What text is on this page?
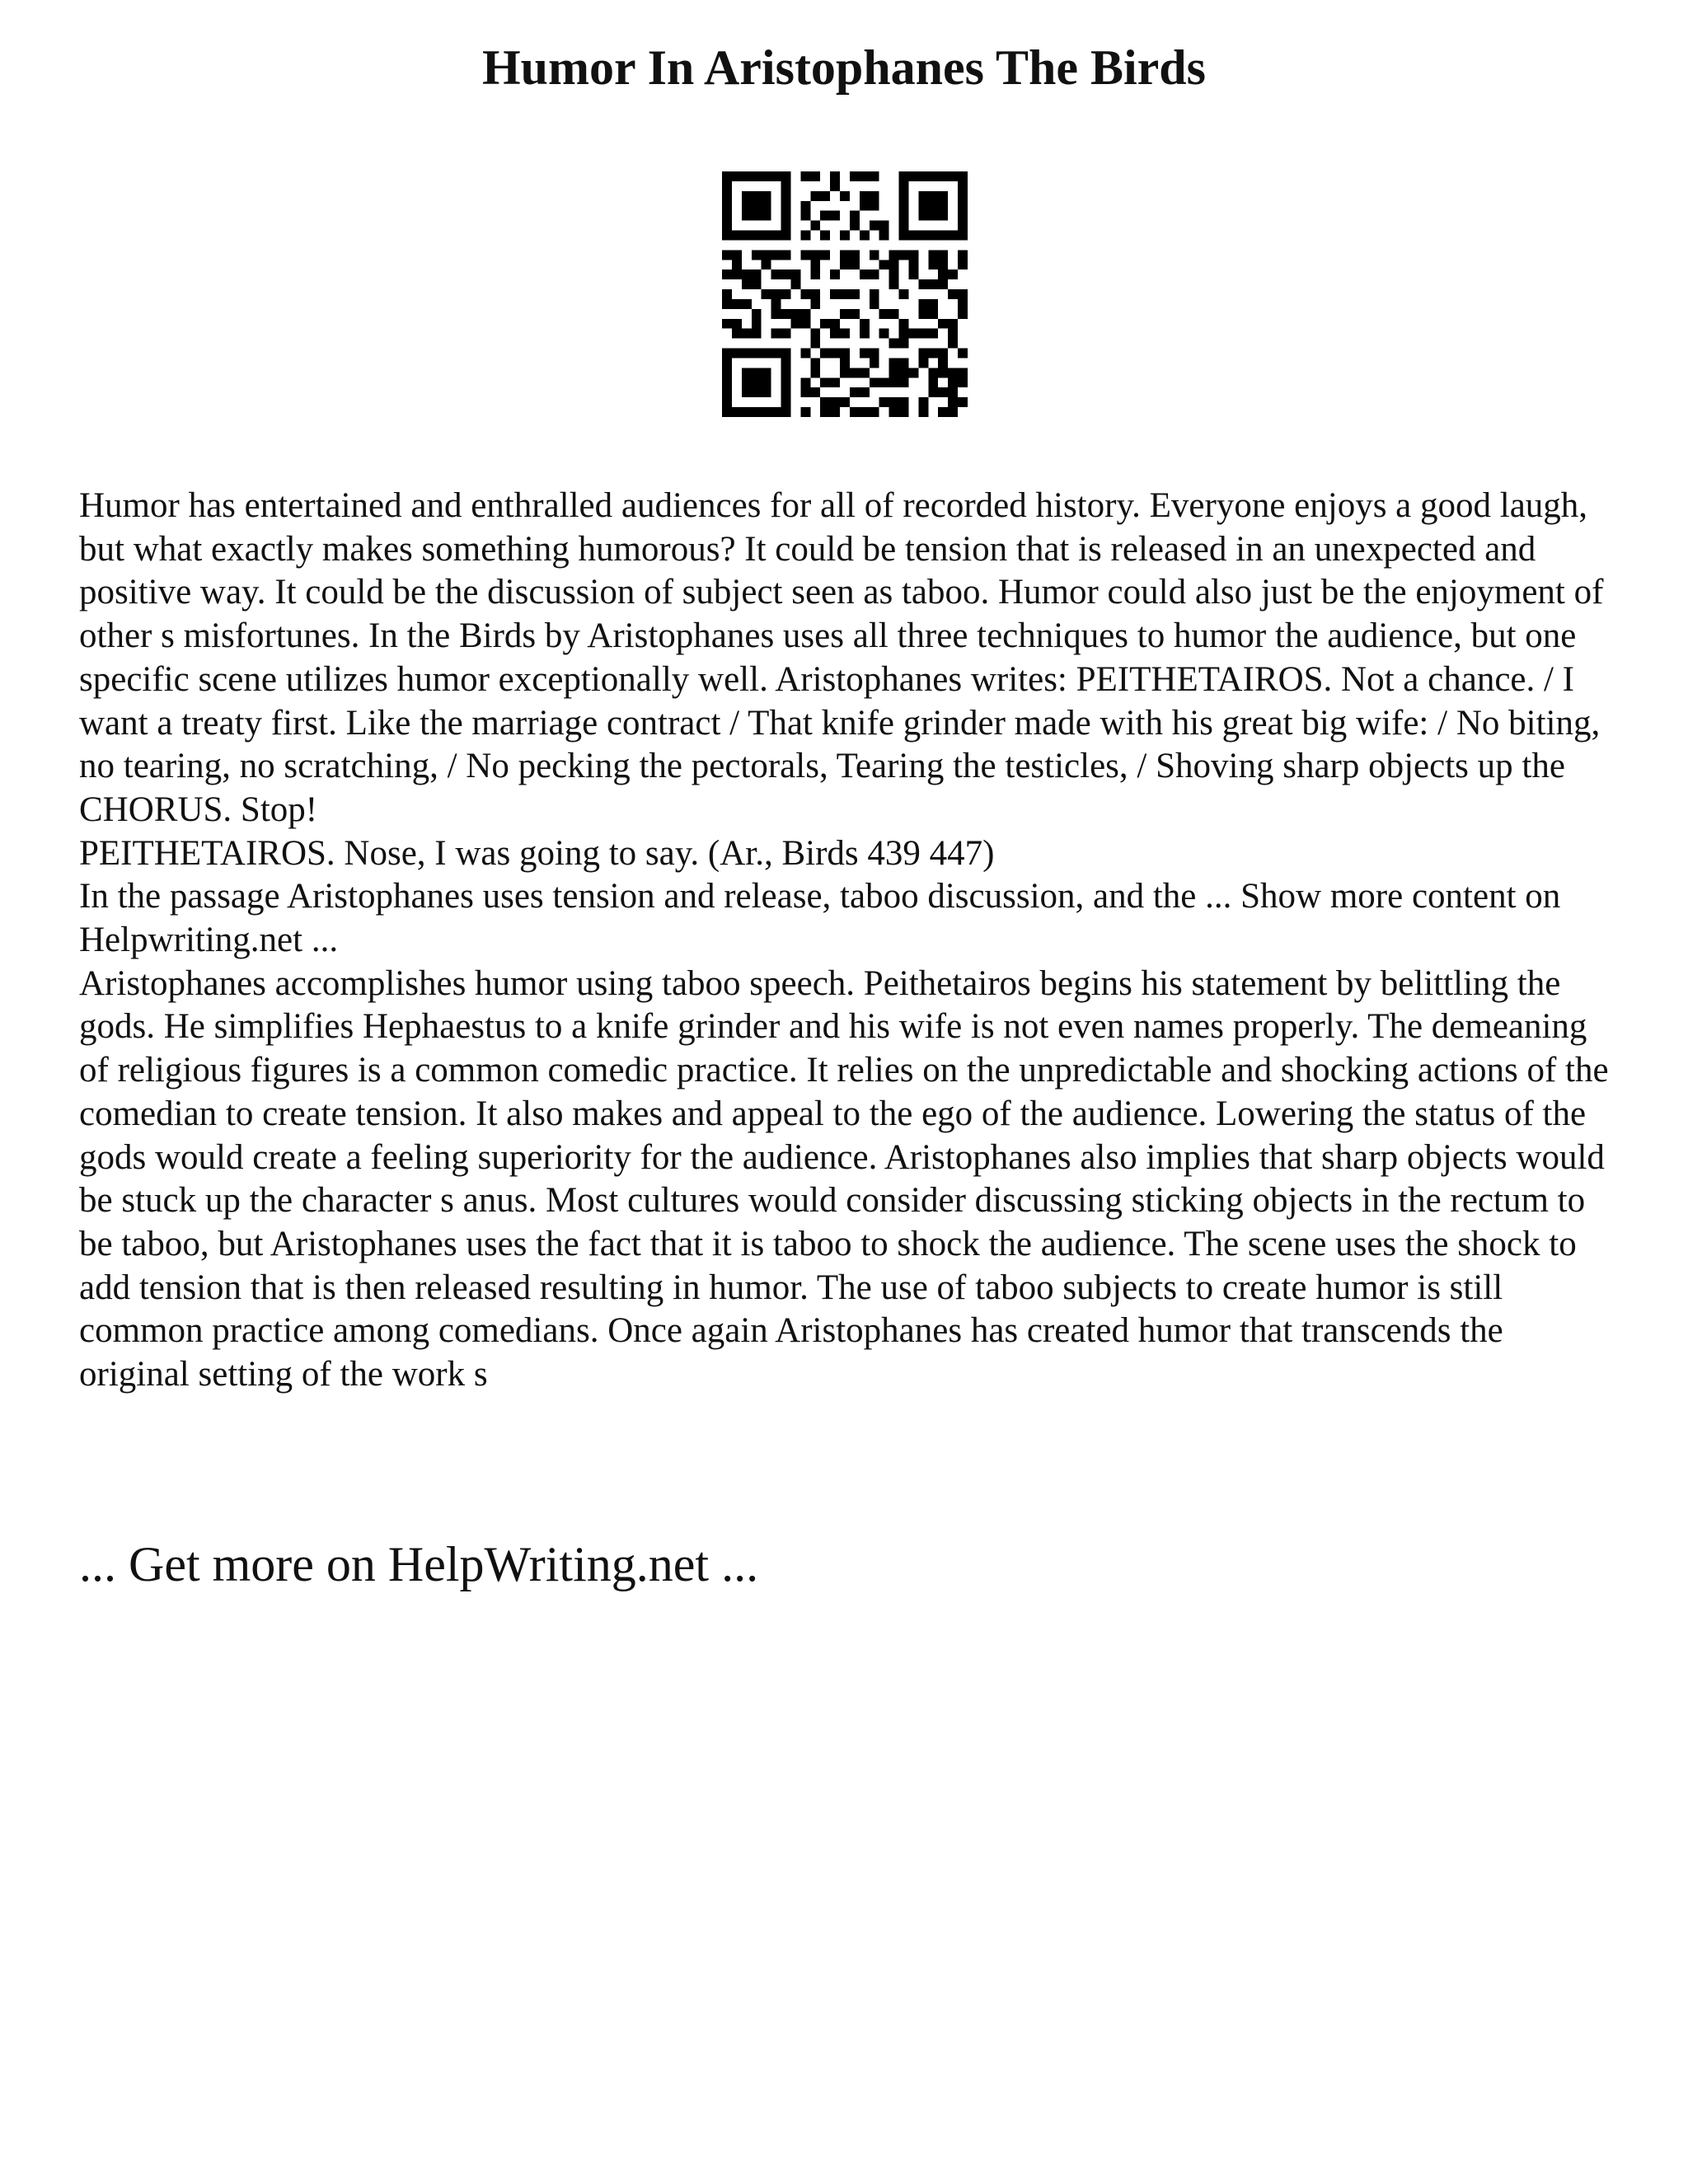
Humor In Aristophanes The Birds

Humor has entertained and enthralled audiences for all of recorded history. Everyone enjoys a good laugh, but what exactly makes something humorous? It could be tension that is released in an unexpected and positive way. It could be the discussion of subject seen as taboo. Humor could also just be the enjoyment of other s misfortunes. In the Birds by Aristophanes uses all three techniques to humor the audience, but one specific scene utilizes humor exceptionally well. Aristophanes writes: PEITHETAIROS. Not a chance. / I want a treaty first. Like the marriage contract / That knife grinder made with his great big wife: / No biting, no tearing, no scratching, / No pecking the pectorals, Tearing the testicles, / Shoving sharp objects up the

CHORUS. Stop!

PEITHETAIROS. Nose, I was going to say. (Ar., Birds 439 447)

In the passage Aristophanes uses tension and release, taboo discussion, and the ... Show more content on Helpwriting.net ...

Aristophanes accomplishes humor using taboo speech. Peithetairos begins his statement by belittling the gods. He simplifies Hephaestus to a knife grinder and his wife is not even names properly. The demeaning of religious figures is a common comedic practice. It relies on the unpredictable and shocking actions of the comedian to create tension. It also makes and appeal to the ego of the audience. Lowering the status of the gods would create a feeling superiority for the audience. Aristophanes also implies that sharp objects would be stuck up the character s anus. Most cultures would consider discussing sticking objects in the rectum to be taboo, but Aristophanes uses the fact that it is taboo to shock the audience. The scene uses the shock to add tension that is then released resulting in humor. The use of taboo subjects to create humor is still common practice among comedians. Once again Aristophanes has created humor that transcends the original setting of the work s

... Get more on HelpWriting.net ...
